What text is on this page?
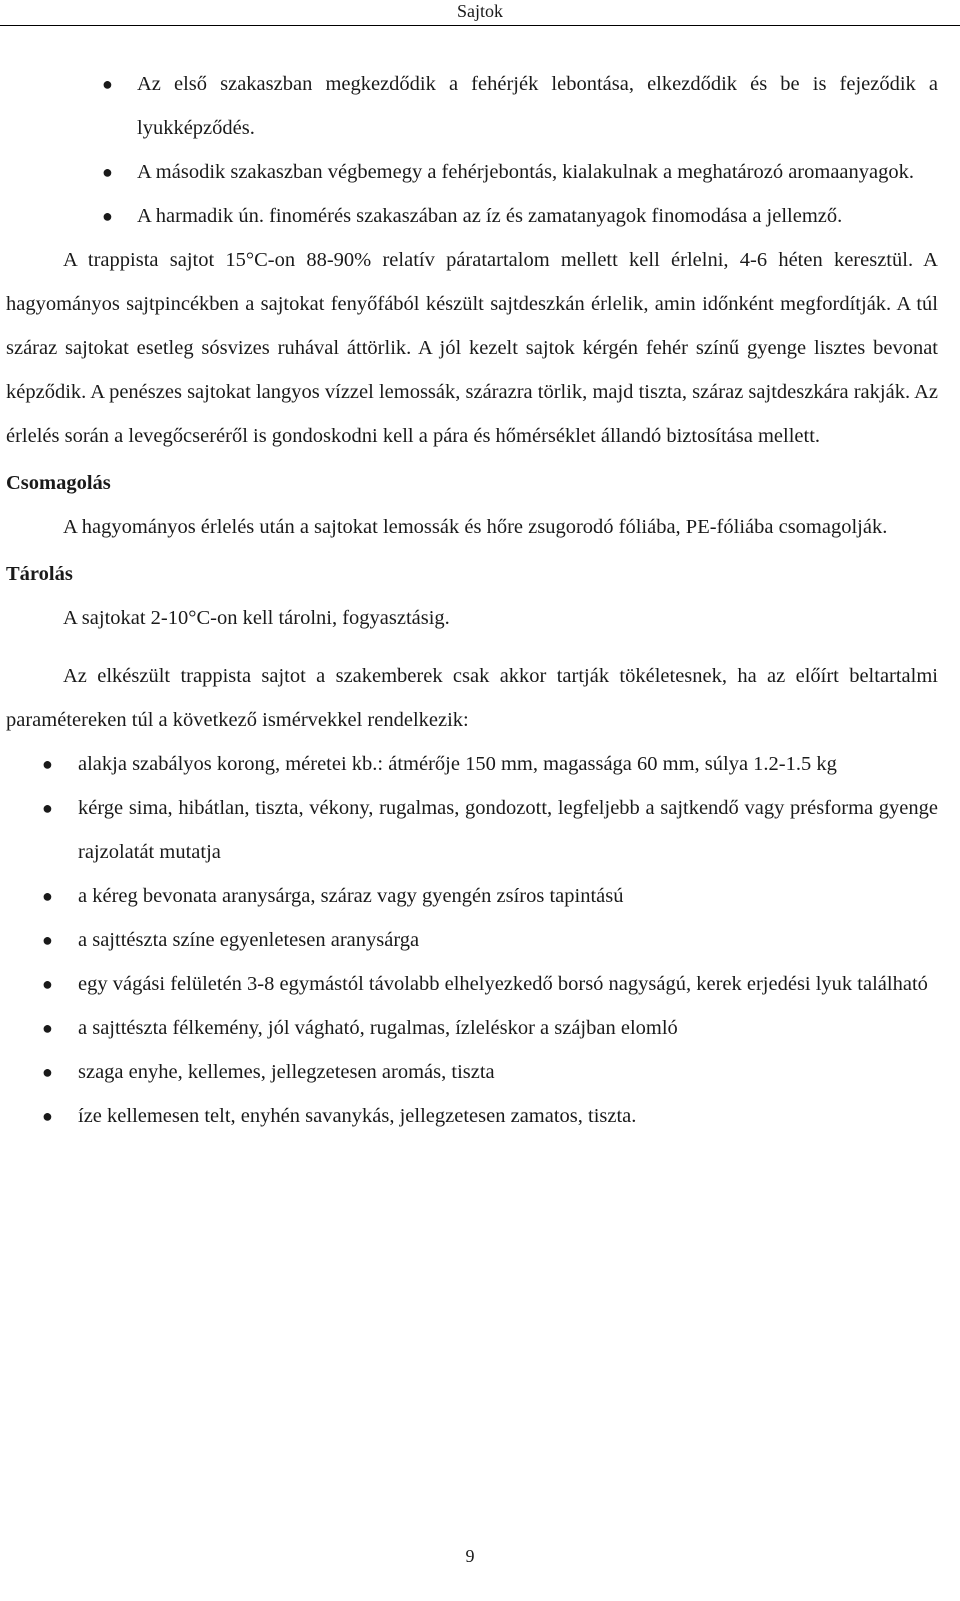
Sajtok
● Az első szakaszban megkezdődik a fehérjék lebontása, elkezdődik és be is fejeződik a lyukképződés.
● A második szakaszban végbemegy a fehérjebontás, kialakulnak a meghatározó aromaanyagok.
● A harmadik ún. finomérés szakaszában az íz és zamatanyagok finomodása a jellemző.

A trappista sajtot 15°C-on 88-90% relatív páratartalom mellett kell érlelni, 4-6 héten keresztül. A hagyományos sajtpincékben a sajtokat fenyőfából készült sajtdeszkán érlelik, amin időnként megfordítják. A túl száraz sajtokat esetleg sósvizes ruhával áttörlik. A jól kezelt sajtok kérgén fehér színű gyenge lisztes bevonat képződik. A penészes sajtokat langyos vízzel lemossák, szárazra törlik, majd tiszta, száraz sajtdeszkára rakják. Az érlelés során a levegőcseréről is gondoskodni kell a pára és hőmérséklet állandó biztosítása mellett.

Csomagolás

A hagyományos érlelés után a sajtokat lemossák és hőre zsugorodó fóliába, PE-fóliába csomagolják.

Tárolás

A sajtokat 2-10°C-on kell tárolni, fogyasztásig.

Az elkészült trappista sajtot a szakemberek csak akkor tartják tökéletesnek, ha az előírt beltartalmi paramétereken túl a következő ismérvekkel rendelkezik:

● alakja szabályos korong, méretei kb.: átmérője 150 mm, magassága 60 mm, súlya 1.2-1.5 kg
● kérge sima, hibátlan, tiszta, vékony, rugalmas, gondozott, legfeljebb a sajtkendő vagy présforma gyenge rajzolatát mutatja
● a kéreg bevonata aranysárga, száraz vagy gyengén zsíros tapintású
● a sajttészta színe egyenletesen aranysárga
● egy vágási felületén 3-8 egymástól távolabb elhelyezkedő borsó nagyságú, kerek erjedési lyuk található
● a sajttészta félkemény, jól vágható, rugalmas, ízleléskor a szájban elomló
● szaga enyhe, kellemes, jellegzetesen aromás, tiszta
● íze kellemesen telt, enyhén savanykás, jellegzetesen zamatos, tiszta.
9
